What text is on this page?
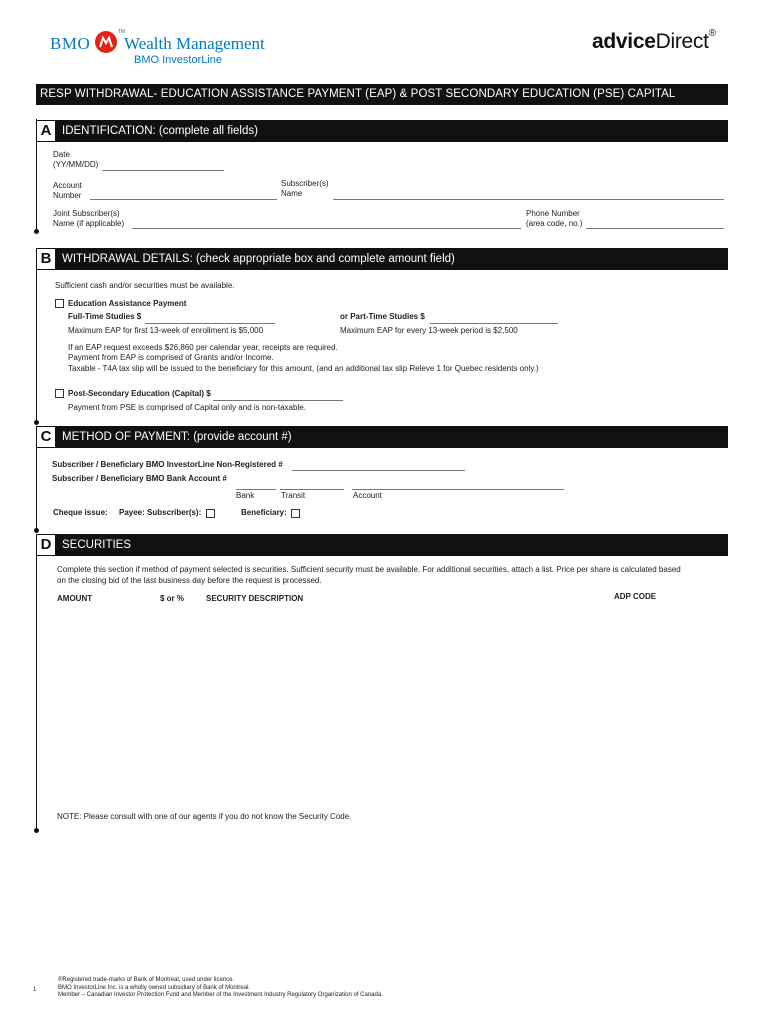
BMO
TM
Wealth Management
BMO InvestorLine
adviceDirect®
RESP WITHDRAWAL- EDUCATION ASSISTANCE PAYMENT (EAP) & POST SECONDARY EDUCATION (PSE) CAPITAL
A IDENTIFICATION: (complete all fields)
Date
(YY/MM/DD)
Account
Number
Subscriber(s)
Name
Joint Subscriber(s)
Name (if applicable)
Phone Number
(area code, no.)
B WITHDRAWAL DETAILS: (check appropriate box and complete amount field)
Sufficient cash and/or securities must be available.
Education Assistance Payment
Full-Time Studies $	or Part-Time Studies $
Maximum EAP for first 13-week of enrollment is $5,000	Maximum EAP for every 13-week period is $2,500
If an EAP request exceeds $26,860 per calendar year, receipts are required.
Payment from EAP is comprised of Grants and/or Income.
Taxable - T4A tax slip will be issued to the beneficiary for this amount, (and an additional tax slip Releve 1 for Quebec residents only.)
Post-Secondary Education (Capital) $
Payment from PSE is comprised of Capital only and is non-taxable.
C METHOD OF PAYMENT: (provide account #)
Subscriber / Beneficiary BMO InvestorLine Non-Registered #
Subscriber / Beneficiary BMO Bank Account #
Bank	Transit	Account
Cheque issue: Payee: Subscriber(s):	Beneficiary:
D SECURITIES
Complete this section if method of payment selected is securities. Sufficient security must be available. For additional securities, attach a list. Price per share is calculated based
on the closing bid of the last business day before the request is processed.
AMOUNT	$ or %	SECURITY DESCRIPTION	ADP CODE
NOTE: Please consult with one of our agents if you do not know the Security Code.
1
®Registered trade-marks of Bank of Montreal, used under licence.
BMO InvestorLine Inc. is a wholly owned subsidiary of Bank of Montreal.
Member – Canadian Investor Protection Fund and Member of the Investment Industry Regulatory Organization of Canada.
